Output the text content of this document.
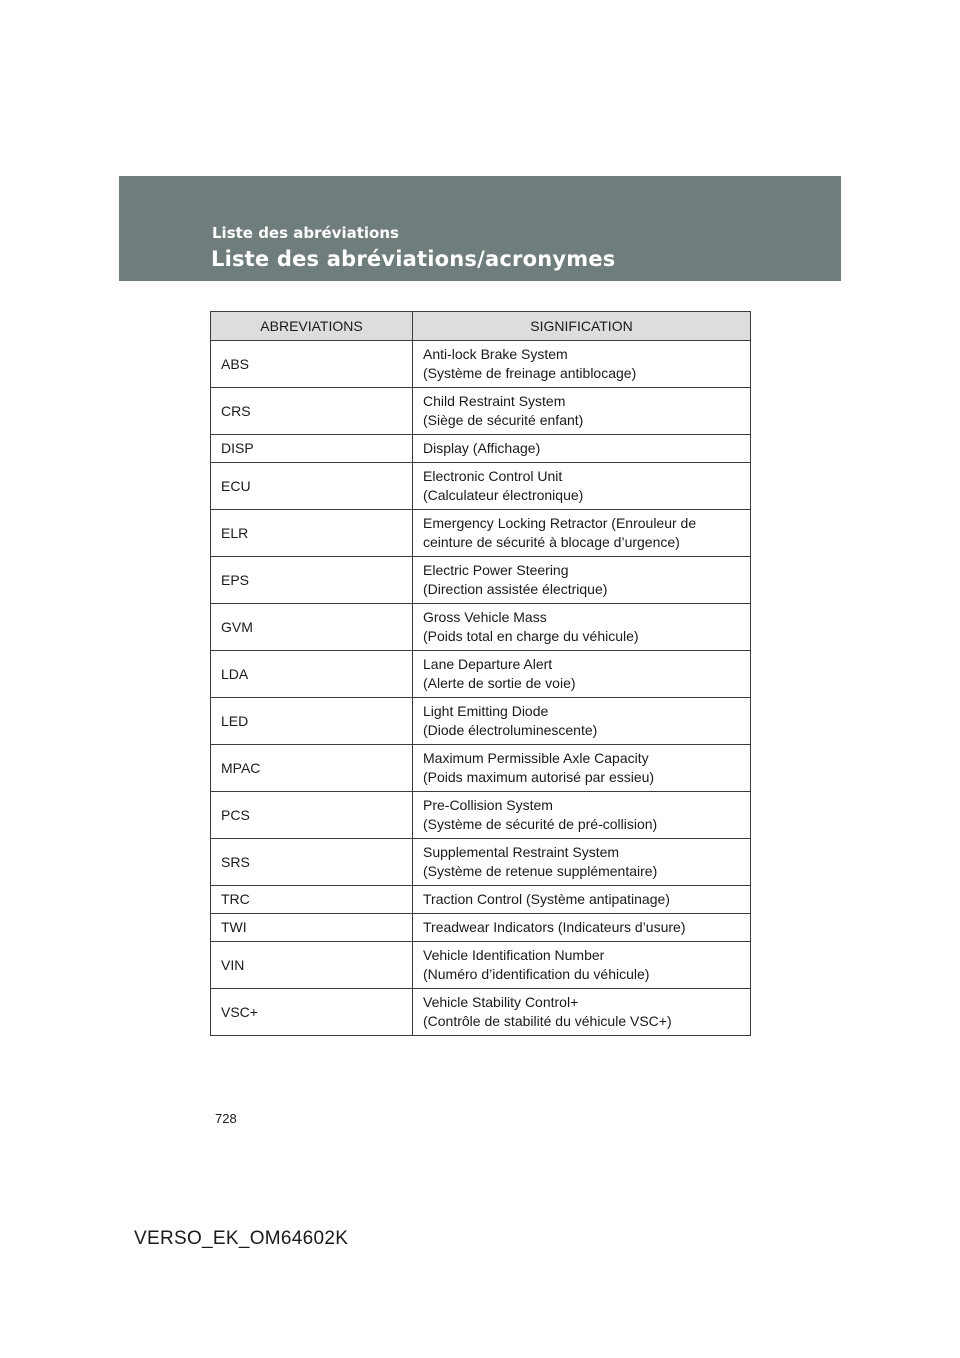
Liste des abréviations
Liste des abréviations/acronymes
ABREVIATIONS	SIGNIFICATION
ABS	Anti-lock Brake System
(Système de freinage antiblocage)

CRS	Child Restraint System
(Siège de sécurité enfant)

DISP	Display (Affichage)

ECU	Electronic Control Unit
(Calculateur électronique)

ELR	Emergency Locking Retractor (Enrouleur de
ceinture de sécurité à blocage d’urgence)

EPS	Electric Power Steering
(Direction assistée électrique)

GVM	Gross Vehicle Mass
(Poids total en charge du véhicule)

LDA	Lane Departure Alert
(Alerte de sortie de voie)

LED	Light Emitting Diode
(Diode électroluminescente)

MPAC	Maximum Permissible Axle Capacity
(Poids maximum autorisé par essieu)

PCS	Pre-Collision System
(Système de sécurité de pré-collision)

SRS	Supplemental Restraint System
(Système de retenue supplémentaire)

TRC	Traction Control (Système antipatinage)

TWI	Treadwear Indicators (Indicateurs d’usure)

VIN	Vehicle Identification Number
(Numéro d’identification du véhicule)

VSC+	Vehicle Stability Control+
(Contrôle de stabilité du véhicule VSC+)
728
VERSO_EK_OM64602K
